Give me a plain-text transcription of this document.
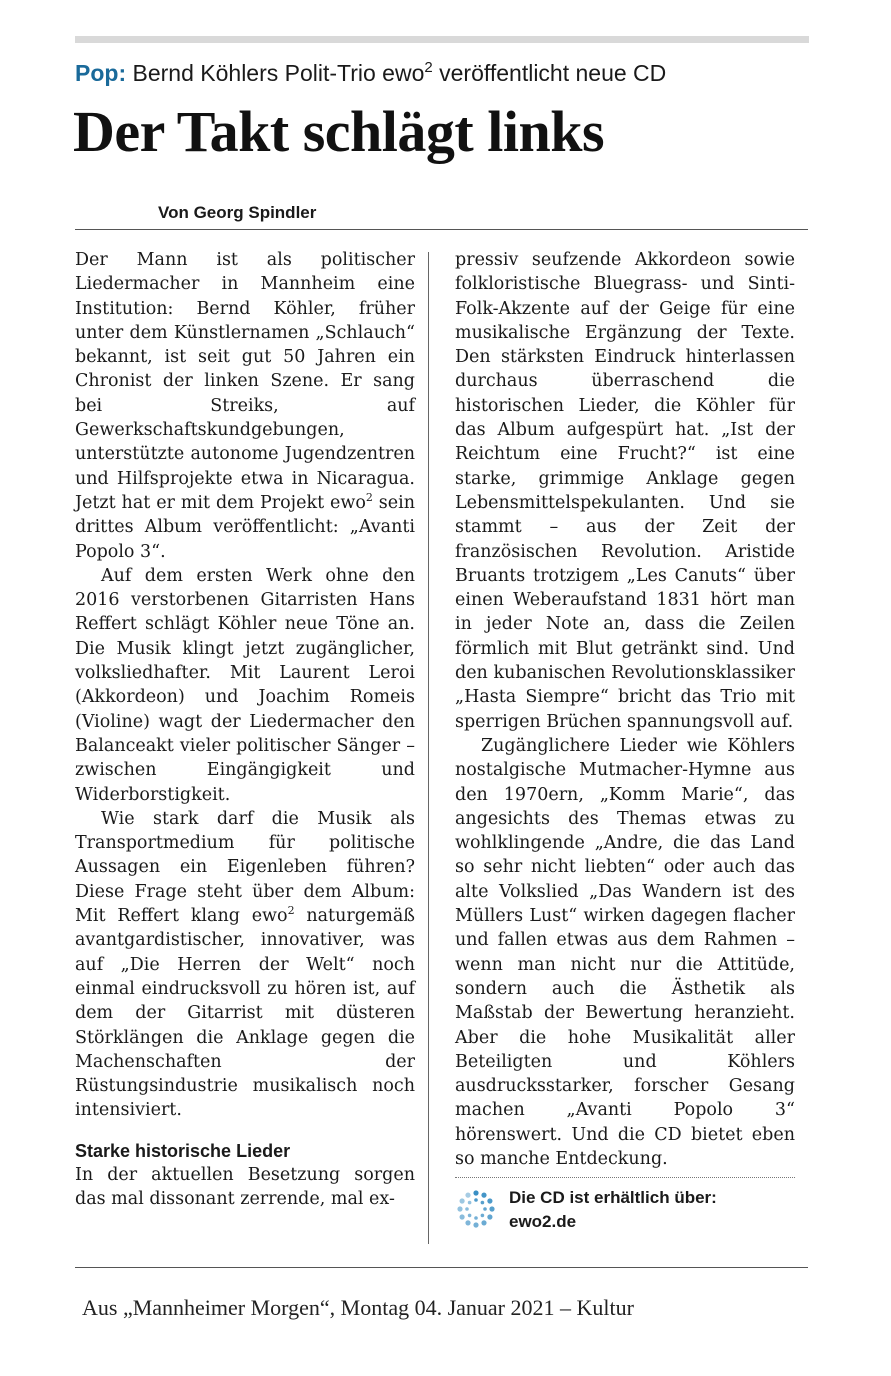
Pop: Bernd Köhlers Polit-Trio ewo$^2$ veröffentlicht neue CD
Der Takt schlägt links
Von Georg Spindler

Der Mann ist als politischer Liedermacher in Mannheim eine Institution: Bernd Köhler, früher unter dem Künstlernamen „Schlauch“ bekannt, ist seit gut 50 Jahren ein Chronist der linken Szene. Er sang bei Streiks, auf Gewerkschaftskundgebungen, unterstützte autonome Jugendzentren und Hilfsprojekte etwa in Nicaragua. Jetzt hat er mit dem Projekt ewo$^2$ sein drittes Album veröffentlicht: „Avanti Popolo 3“.

Auf dem ersten Werk ohne den 2016 verstorbenen Gitarristen Hans Reffert schlägt Köhler neue Töne an. Die Musik klingt jetzt zugänglicher, volksliedhafter. Mit Laurent Leroi (Akkordeon) und Joachim Romeis (Violine) wagt der Liedermacher den Balanceakt vieler politischer Sänger – zwischen Eingängigkeit und Widerborstigkeit.

Wie stark darf die Musik als Transportmedium für politische Aussagen ein Eigenleben führen? Diese Frage steht über dem Album: Mit Reffert klang ewo$^2$ naturgemäß avantgardistischer, innovativer, was auf „Die Herren der Welt“ noch einmal eindrucksvoll zu hören ist, auf dem der Gitarrist mit düsteren Störklängen die Anklage gegen die Machenschaften der Rüstungsindustrie musikalisch noch intensiviert.

Starke historische Lieder

In der aktuellen Besetzung sorgen das mal dissonant zerrende, mal ex-

pressiv seufzende Akkordeon sowie folkloristische Bluegrass- und Sinti-Folk-Akzente auf der Geige für eine musikalische Ergänzung der Texte. Den stärksten Eindruck hinterlassen durchaus überraschend die historischen Lieder, die Köhler für das Album aufgespürt hat. „Ist der Reichtum eine Frucht?“ ist eine starke, grimmige Anklage gegen Lebensmittelspekulanten. Und sie stammt – aus der Zeit der französischen Revolution. Aristide Bruants trotzigem „Les Canuts“ über einen Weberaufstand 1831 hört man in jeder Note an, dass die Zeilen förmlich mit Blut getränkt sind. Und den kubanischen Revolutionsklassiker „Hasta Siempre“ bricht das Trio mit sperrigen Brüchen spannungsvoll auf.

Zugänglichere Lieder wie Köhlers nostalgische Mutmacher-Hymne aus den 1970ern, „Komm Marie“, das angesichts des Themas etwas zu wohlklingende „Andre, die das Land so sehr nicht liebten“ oder auch das alte Volkslied „Das Wandern ist des Müllers Lust“ wirken dagegen flacher und fallen etwas aus dem Rahmen – wenn man nicht nur die Attitüde, sondern auch die Ästhetik als Maßstab der Bewertung heranzieht. Aber die hohe Musikalität aller Beteiligten und Köhlers ausdrucksstarker, forscher Gesang machen „Avanti Popolo 3“ hörenswert. Und die CD bietet eben so manche Entdeckung.

Die CD ist erhältlich über:
ewo2.de
Aus „Mannheimer Morgen“, Montag 04. Januar 2021 – Kultur
